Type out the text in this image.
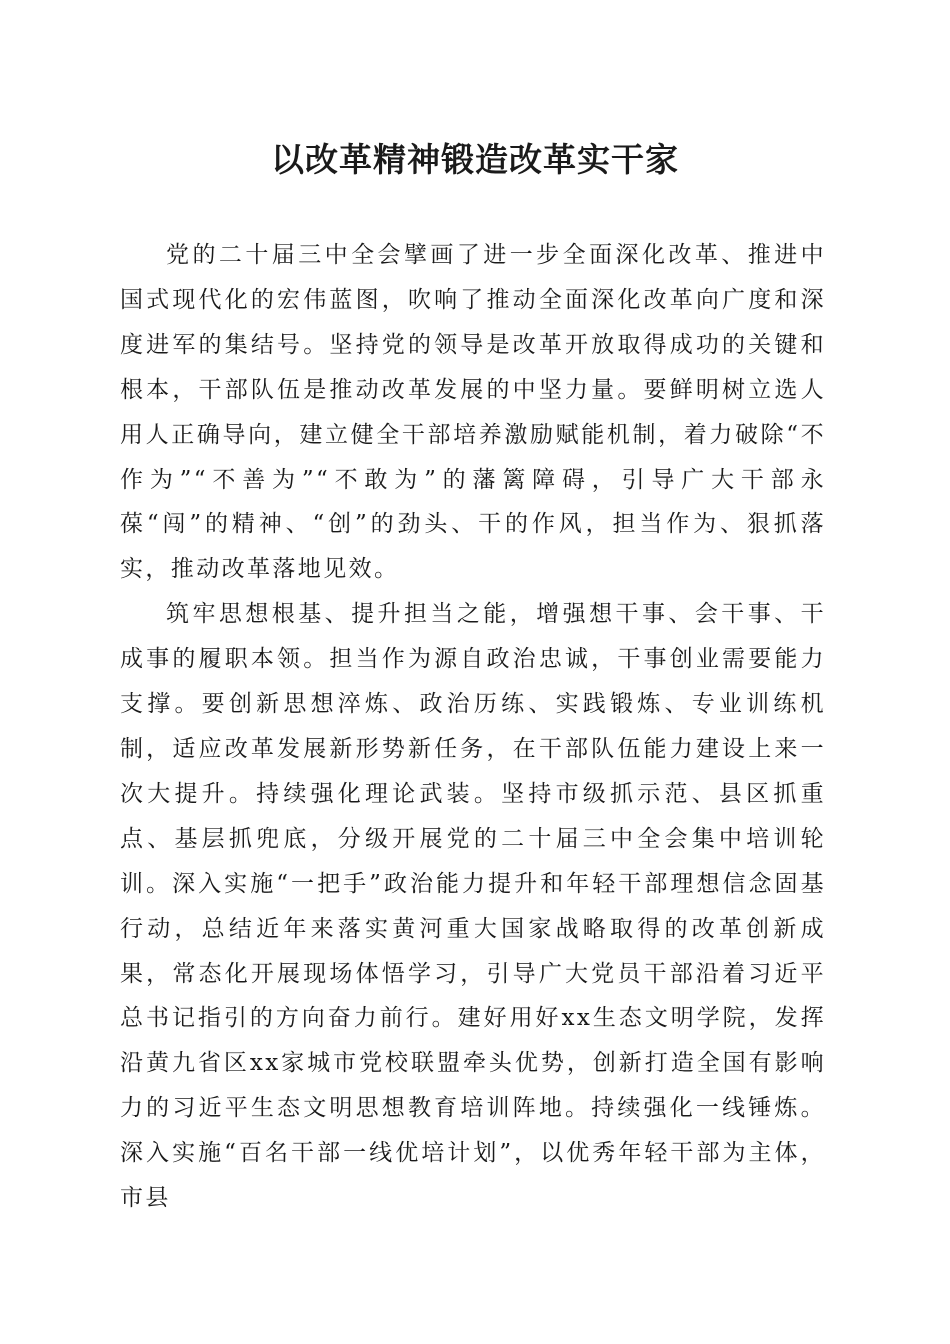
以改革精神锻造改革实干家

党的二十届三中全会擘画了进一步全面深化改革、推进中国式现代化的宏伟蓝图，吹响了推动全面深化改革向广度和深度进军的集结号。坚持党的领导是改革开放取得成功的关键和根本，干部队伍是推动改革发展的中坚力量。要鲜明树立选人用人正确导向，建立健全干部培养激励赋能机制，着力破除“不作为”“不善为”“不敢为”的藩篱障碍，引导广大干部永葆“闯”的精神、“创”的劲头、干的作风，担当作为、狠抓落实，推动改革落地见效。

筑牢思想根基、提升担当之能，增强想干事、会干事、干成事的履职本领。担当作为源自政治忠诚，干事创业需要能力支撑。要创新思想淬炼、政治历练、实践锻炼、专业训练机制，适应改革发展新形势新任务，在干部队伍能力建设上来一次大提升。持续强化理论武装。坚持市级抓示范、县区抓重点、基层抓兜底，分级开展党的二十届三中全会集中培训轮训。深入实施“一把手”政治能力提升和年轻干部理想信念固基行动，总结近年来落实黄河重大国家战略取得的改革创新成果，常态化开展现场体悟学习，引导广大党员干部沿着习近平总书记指引的方向奋力前行。建好用好xx生态文明学院，发挥沿黄九省区xx家城市党校联盟牵头优势，创新打造全国有影响力的习近平生态文明思想教育培训阵地。持续强化一线锤炼。深入实施“百名干部一线优培计划”，以优秀年轻干部为主体，市县
